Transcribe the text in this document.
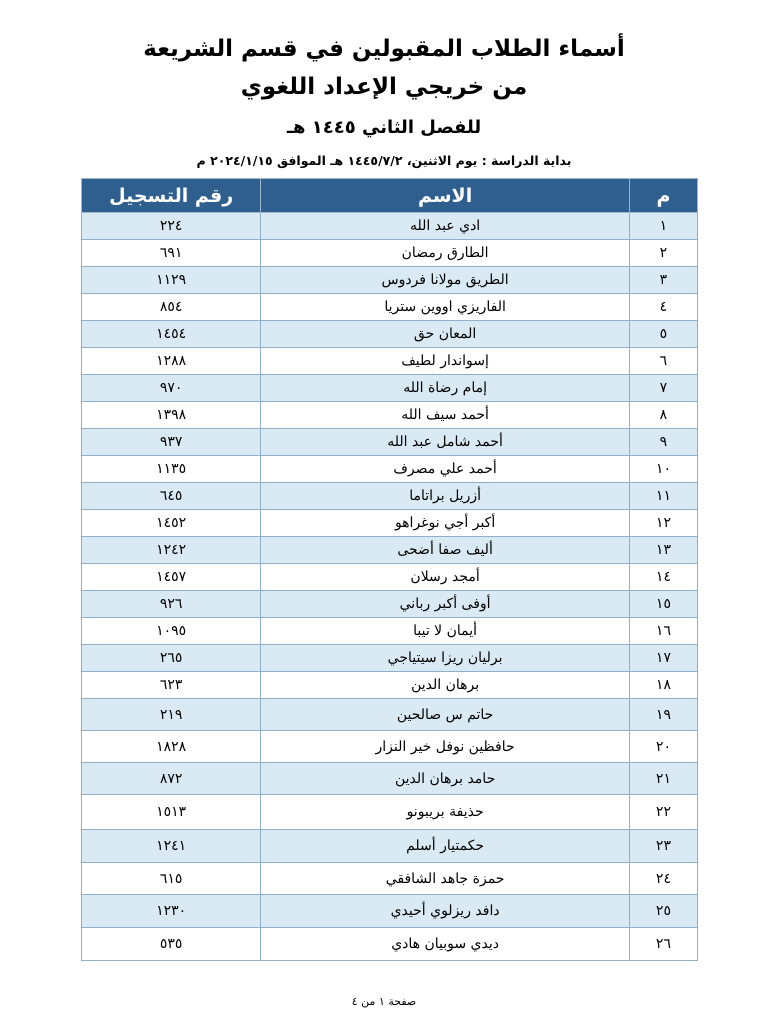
أسماء الطلاب المقبولين في قسم الشريعة
من خريجي الإعداد اللغوي
للفصل الثاني ١٤٤٥ هـ
بداية الدراسة : يوم الاثنين، ١٤٤٥/٧/٢ هـ الموافق ٢٠٢٤/١/١٥ م
م	الاسم	رقم التسجيل
١	ادي عبد الله	٢٢٤
٢	الطارق رمضان	٦٩١
٣	الطريق مولانا فردوس	١١٢٩
٤	الفاريزي اووين ستريا	٨٥٤
٥	المعان حق	١٤٥٤
٦	إسواندار لطيف	١٢٨٨
٧	إمام رضاة الله	٩٧٠
٨	أحمد سيف الله	١٣٩٨
٩	أحمد شامل عبد الله	٩٣٧
١٠	أحمد علي مصرف	١١٣٥
١١	أزريل براتاما	٦٤٥
١٢	أكبر أجي نوغراهو	١٤٥٢
١٣	أليف صفا أضحى	١٢٤٢
١٤	أمجد رسلان	١٤٥٧
١٥	أوفى أكبر رباني	٩٢٦
١٦	أيمان لا تيبا	١٠٩٥
١٧	برليان ريزا سيتياجي	٢٦٥
١٨	برهان الدين	٦٢٣
١٩	حاتم س صالحين	٢١٩
٢٠	حافظين نوفل خير النزار	١٨٢٨
٢١	حامد برهان الدين	٨٧٢
٢٢	حذيفة بريبونو	١٥١٣
٢٣	حكمتيار أسلم	١٢٤١
٢٤	حمزة جاهد الشافقي	٦١٥
٢٥	دافد ريزلوي أحيدي	١٢٣٠
٢٦	ديدي سوبيان هادي	٥٣٥
صفحة ١ من ٤
